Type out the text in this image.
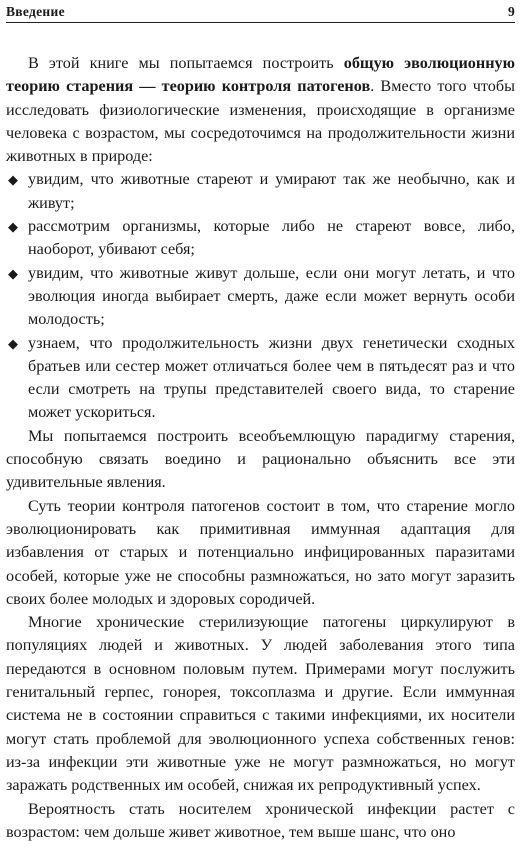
Введение	9

В этой книге мы попытаемся построить общую эволюционную теорию старения — теорию контроля патогенов. Вместо того чтобы исследовать физиологические изменения, происходящие в организме человека с возрастом, мы сосредоточимся на продолжительности жизни животных в природе:

◆ увидим, что животные стареют и умирают так же необычно, как и живут;
◆ рассмотрим организмы, которые либо не стареют вовсе, либо, наоборот, убивают себя;
◆ увидим, что животные живут дольше, если они могут летать, и что эволюция иногда выбирает смерть, даже если может вернуть особи молодость;
◆ узнаем, что продолжительность жизни двух генетически сходных братьев или сестер может отличаться более чем в пятьдесят раз и что если смотреть на трупы представителей своего вида, то старение может ускориться.

Мы попытаемся построить всеобъемлющую парадигму старения, способную связать воедино и рационально объяснить все эти удивительные явления.

Суть теории контроля патогенов состоит в том, что старение могло эволюционировать как примитивная иммунная адаптация для избавления от старых и потенциально инфицированных паразитами особей, которые уже не способны размножаться, но зато могут заразить своих более молодых и здоровых сородичей.

Многие хронические стерилизующие патогены циркулируют в популяциях людей и животных. У людей заболевания этого типа передаются в основном половым путем. Примерами могут послужить генитальный герпес, гонорея, токсоплазма и другие. Если иммунная система не в состоянии справиться с такими инфекциями, их носители могут стать проблемой для эволюционного успеха собственных генов: из-за инфекции эти животные уже не могут размножаться, но могут заражать родственных им особей, снижая их репродуктивный успех.

Вероятность стать носителем хронической инфекции растет с возрастом: чем дольше живет животное, тем выше шанс, что оно
